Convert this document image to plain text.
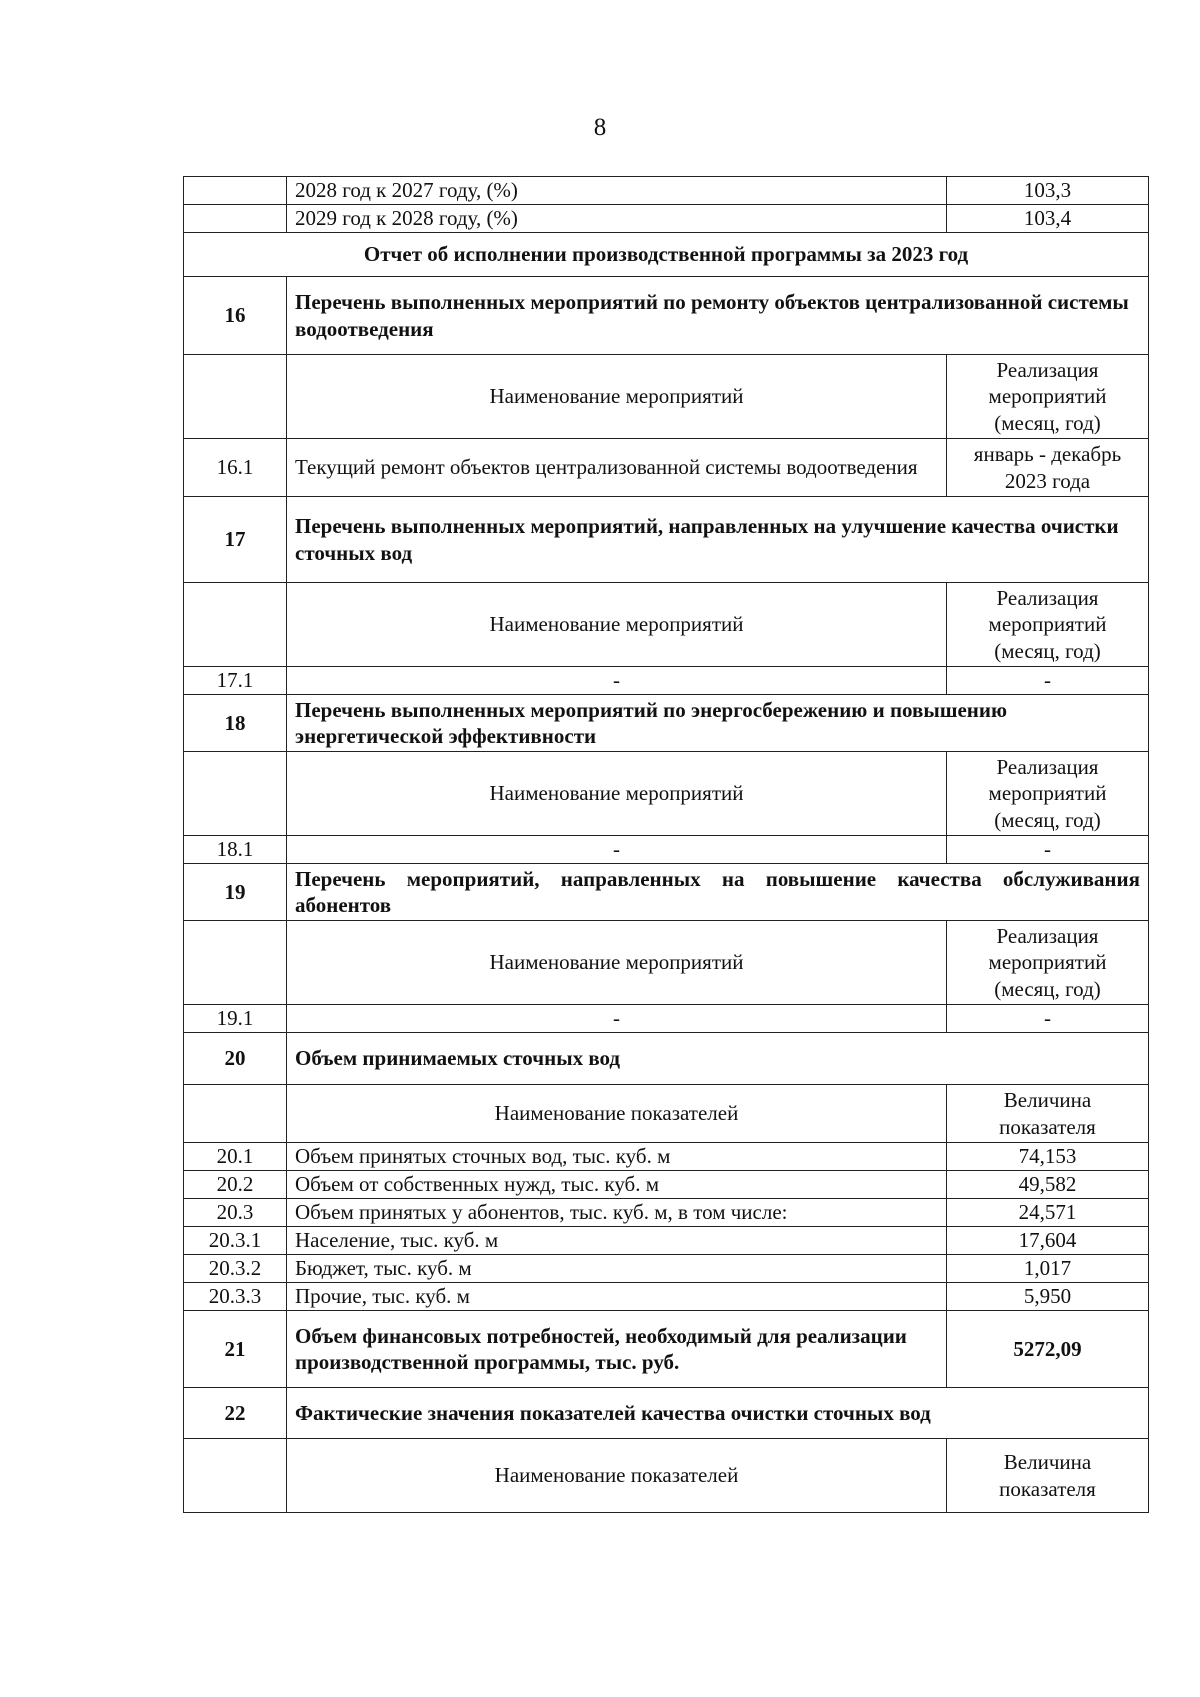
8
	2028 год к 2027 году, (%)	103,3
	2029 год к 2028 году, (%)	103,4
Отчет об исполнении производственной программы за 2023 год		
16	Перечень выполненных мероприятий по ремонту объектов централизованной системы водоотведения	
	Наименование мероприятий	Реализация мероприятий (месяц, год)
16.1	Текущий ремонт объектов централизованной системы водоотведения	январь - декабрь 2023 года
17	Перечень выполненных мероприятий, направленных на улучшение качества очистки сточных вод	
	Наименование мероприятий	Реализация мероприятий (месяц, год)
17.1	-	-
18	Перечень выполненных мероприятий по энергосбережению и повышению энергетической эффективности	
	Наименование мероприятий	Реализация мероприятий (месяц, год)
18.1	-	-
19	Перечень мероприятий, направленных на повышение качества обслуживания абонентов	
	Наименование мероприятий	Реализация мероприятий (месяц, год)
19.1	-	-
20	Объем принимаемых сточных вод	
	Наименование показателей	Величина показателя
20.1	Объем принятых сточных вод, тыс. куб. м	74,153
20.2	Объем от собственных нужд, тыс. куб. м	49,582
20.3	Объем принятых у абонентов, тыс. куб. м, в том числе:	24,571
20.3.1	Население, тыс. куб. м	17,604
20.3.2	Бюджет, тыс. куб. м	1,017
20.3.3	Прочие, тыс. куб. м	5,950
21	Объем финансовых потребностей, необходимый для реализации производственной программы, тыс. руб.	5272,09
22	Фактические значения показателей качества очистки сточных вод	
	Наименование показателей	Величина показателя
